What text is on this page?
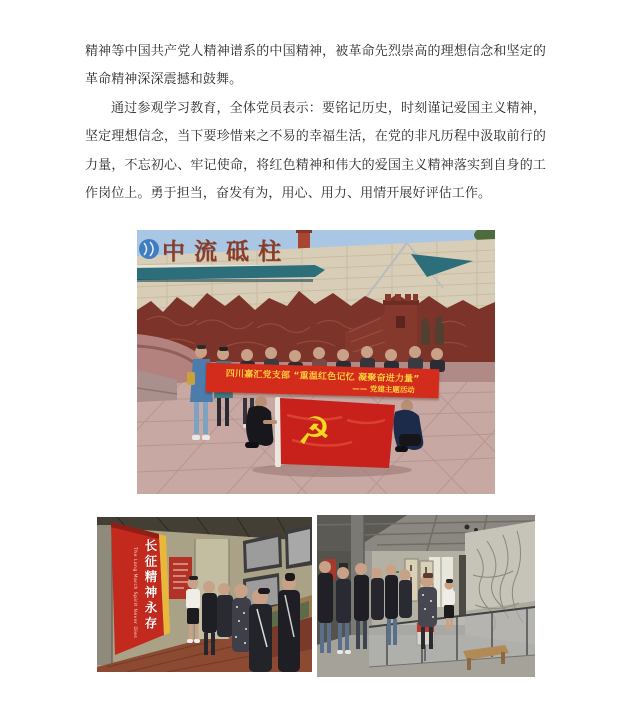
精神等中国共产党人精神谱系的中国精神，被革命先烈崇高的理想信念和坚定的革命精神深深震撼和鼓舞。

通过参观学习教育，全体党员表示：要铭记历史，时刻谨记爱国主义精神，坚定理想信念，当下要珍惜来之不易的幸福生活，在党的非凡历程中汲取前行的力量，不忘初心、牢记使命，将红色精神和伟大的爱国主义精神落实到自身的工作岗位上。勇于担当，奋发有为，用心、用力、用情开展好评估工作。

☭
中流砥柱
四川嘉汇党支部 “重温红色记忆 凝聚奋进力量”
—— 党建主题活动
The Long March Spirit Never Dies 长征精神永存
